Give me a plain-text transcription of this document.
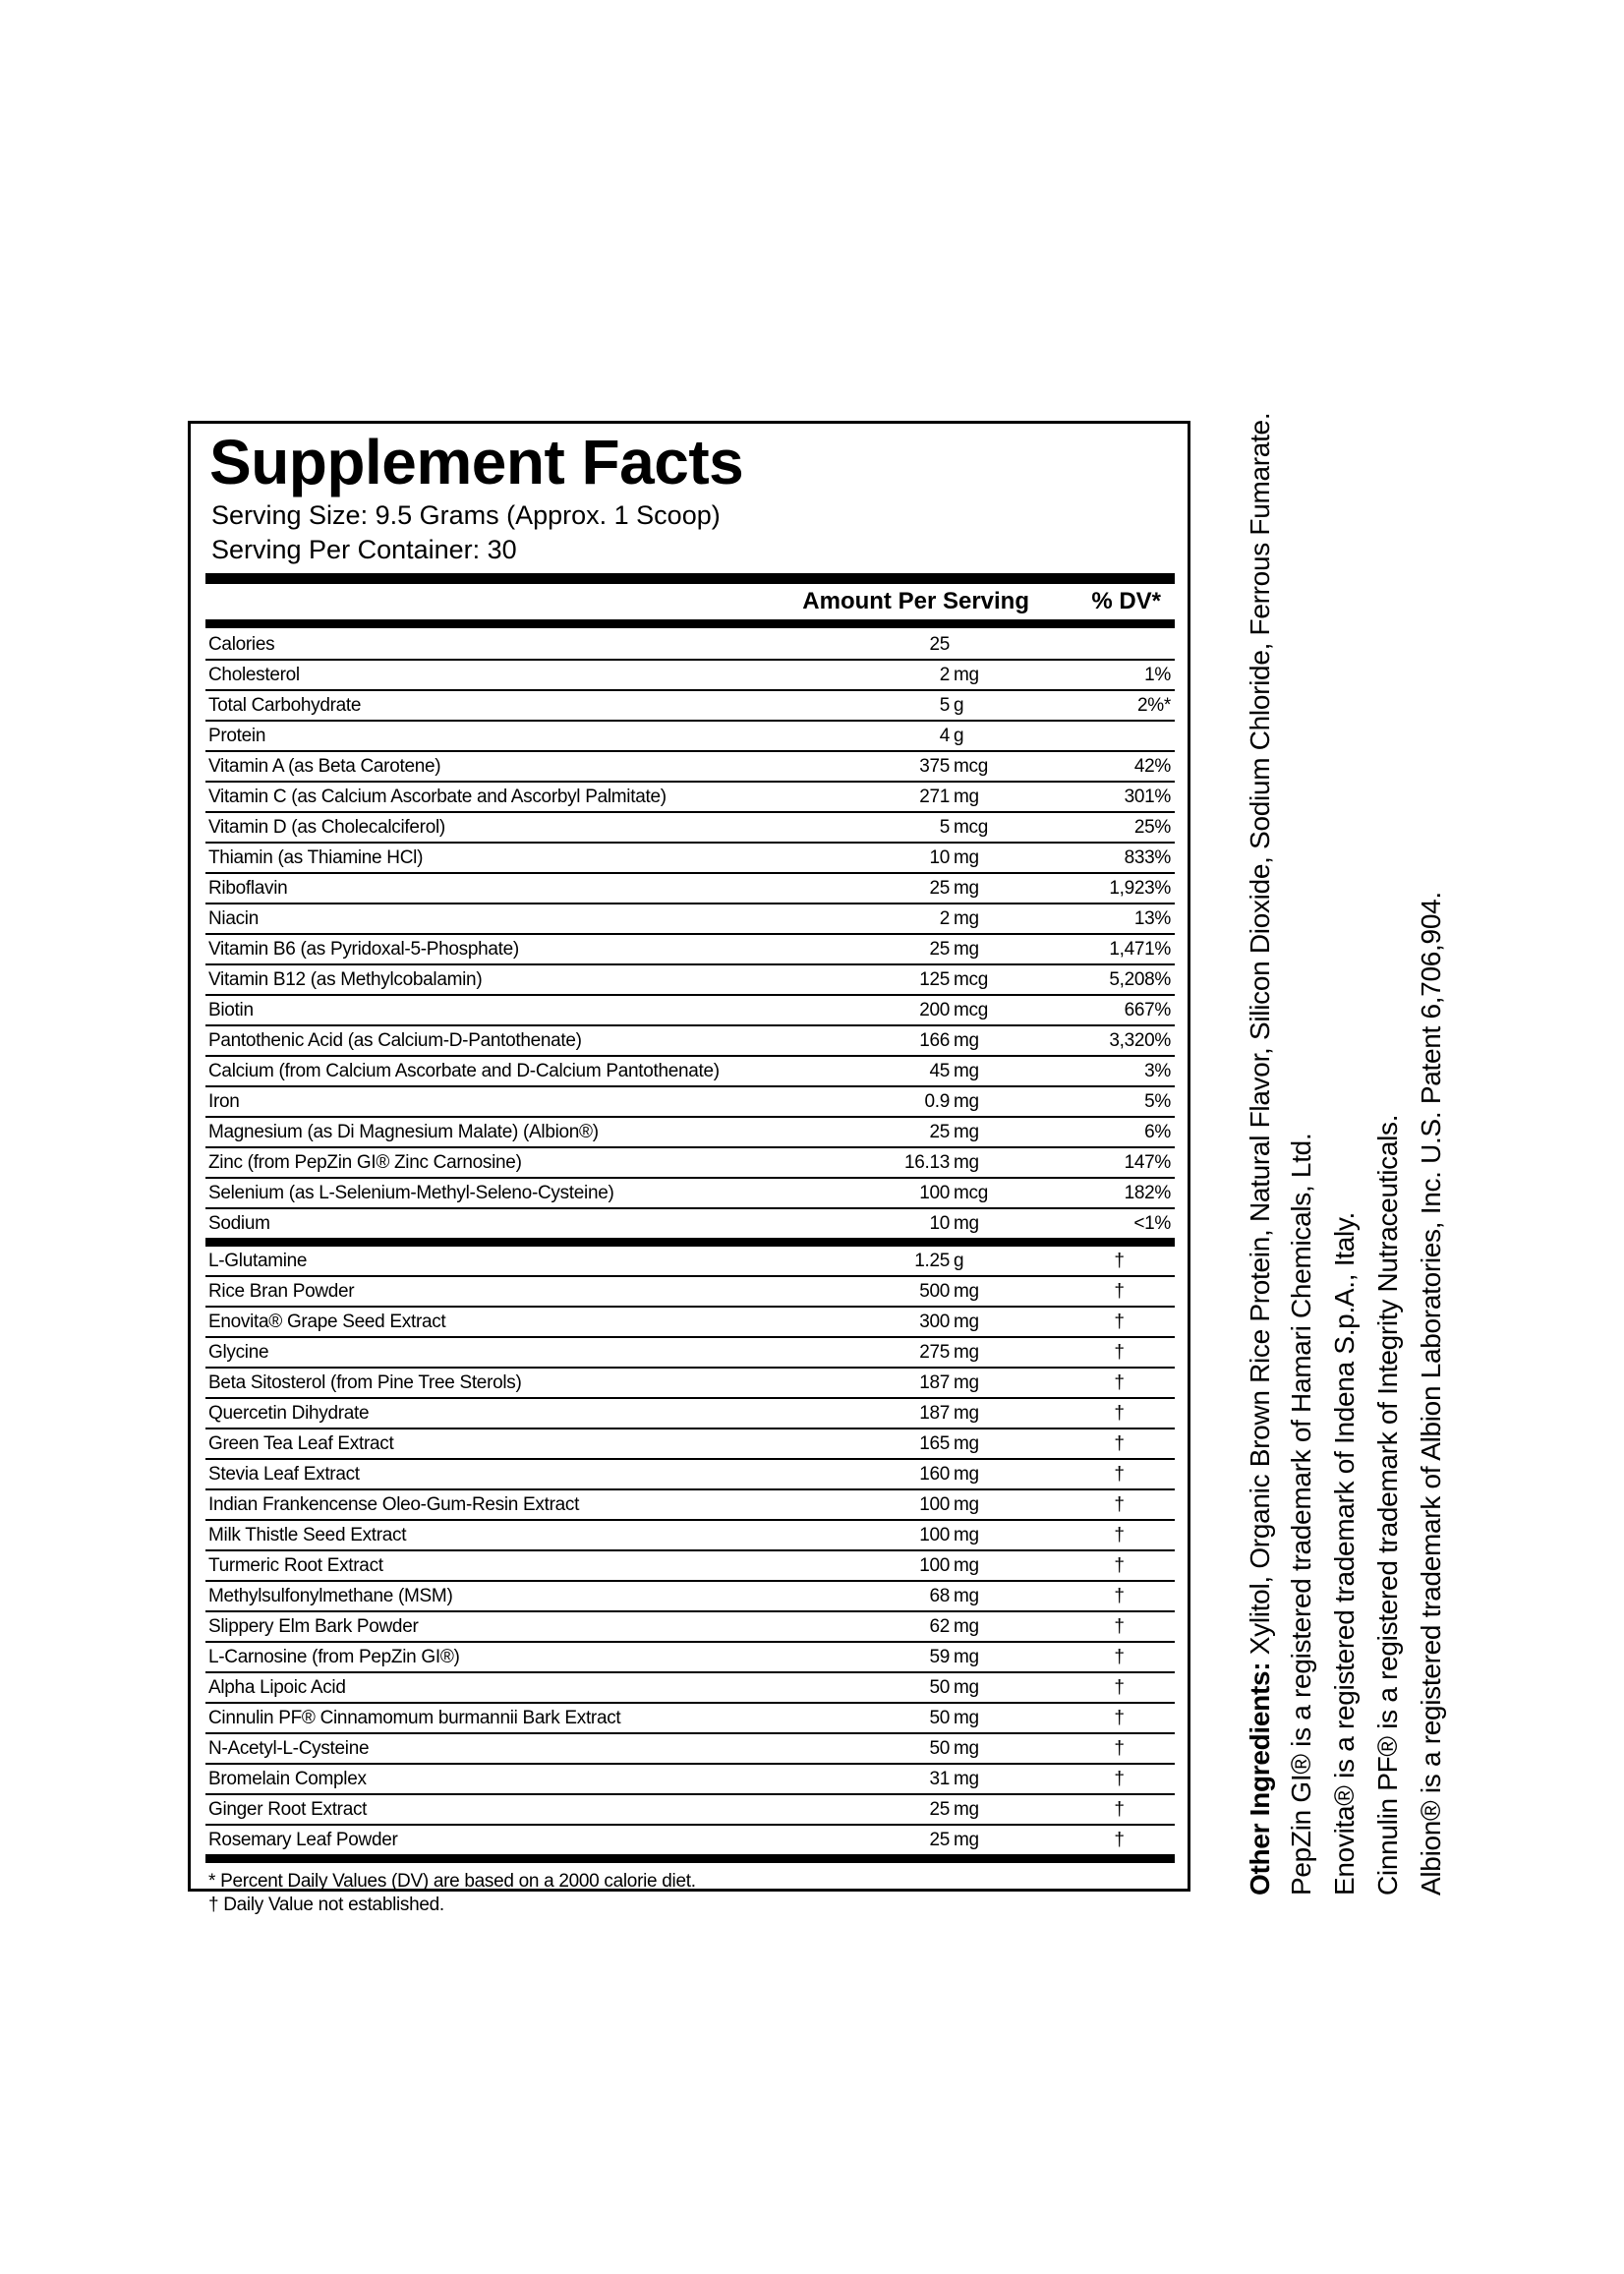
Supplement Facts
Serving Size: 9.5 Grams (Approx. 1 Scoop)
Serving Per Container: 30
Amount Per Serving	% DV*
Calories	25	
Cholesterol	2 mg	1%
Total Carbohydrate	5 g	2%*
Protein	4 g	
Vitamin A (as Beta Carotene)	375 mcg	42%
Vitamin C (as Calcium Ascorbate and Ascorbyl Palmitate)	271 mg	301%
Vitamin D (as Cholecalciferol)	5 mcg	25%
Thiamin (as Thiamine HCl)	10 mg	833%
Riboflavin	25 mg	1,923%
Niacin	2 mg	13%
Vitamin B6 (as Pyridoxal-5-Phosphate)	25 mg	1,471%
Vitamin B12 (as Methylcobalamin)	125 mcg	5,208%
Biotin	200 mcg	667%
Pantothenic Acid (as Calcium-D-Pantothenate)	166 mg	3,320%
Calcium (from Calcium Ascorbate and D-Calcium Pantothenate)	45 mg	3%
Iron	0.9 mg	5%
Magnesium (as Di Magnesium Malate) (Albion®)	25 mg	6%
Zinc (from PepZin GI® Zinc Carnosine)	16.13 mg	147%
Selenium (as L-Selenium-Methyl-Seleno-Cysteine)	100 mcg	182%
Sodium	10 mg	<1%
L-Glutamine	1.25 g	†
Rice Bran Powder	500 mg	†
Enovita® Grape Seed Extract	300 mg	†
Glycine	275 mg	†
Beta Sitosterol (from Pine Tree Sterols)	187 mg	†
Quercetin Dihydrate	187 mg	†
Green Tea Leaf Extract	165 mg	†
Stevia Leaf Extract	160 mg	†
Indian Frankencense Oleo-Gum-Resin Extract	100 mg	†
Milk Thistle Seed Extract	100 mg	†
Turmeric Root Extract	100 mg	†
Methylsulfonylmethane (MSM)	68 mg	†
Slippery Elm Bark Powder	62 mg	†
L-Carnosine (from PepZin GI®)	59 mg	†
Alpha Lipoic Acid	50 mg	†
Cinnulin PF® Cinnamomum burmannii Bark Extract	50 mg	†
N-Acetyl-L-Cysteine	50 mg	†
Bromelain Complex	31 mg	†
Ginger Root Extract	25 mg	†
Rosemary Leaf Powder	25 mg	†
* Percent Daily Values (DV) are based on a 2000 calorie diet.
† Daily Value not established.
Other Ingredients: Xylitol, Organic Brown Rice Protein, Natural Flavor, Silicon Dioxide, Sodium Chloride, Ferrous Fumarate. PepZin GI® is a registered trademark of Hamari Chemicals, Ltd. Enovita® is a registered trademark of Indena S.p.A., Italy. Cinnulin PF® is a registered trademark of Integrity Nutraceuticals. Albion® is a registered trademark of Albion Laboratories, Inc. U.S. Patent 6,706,904.
